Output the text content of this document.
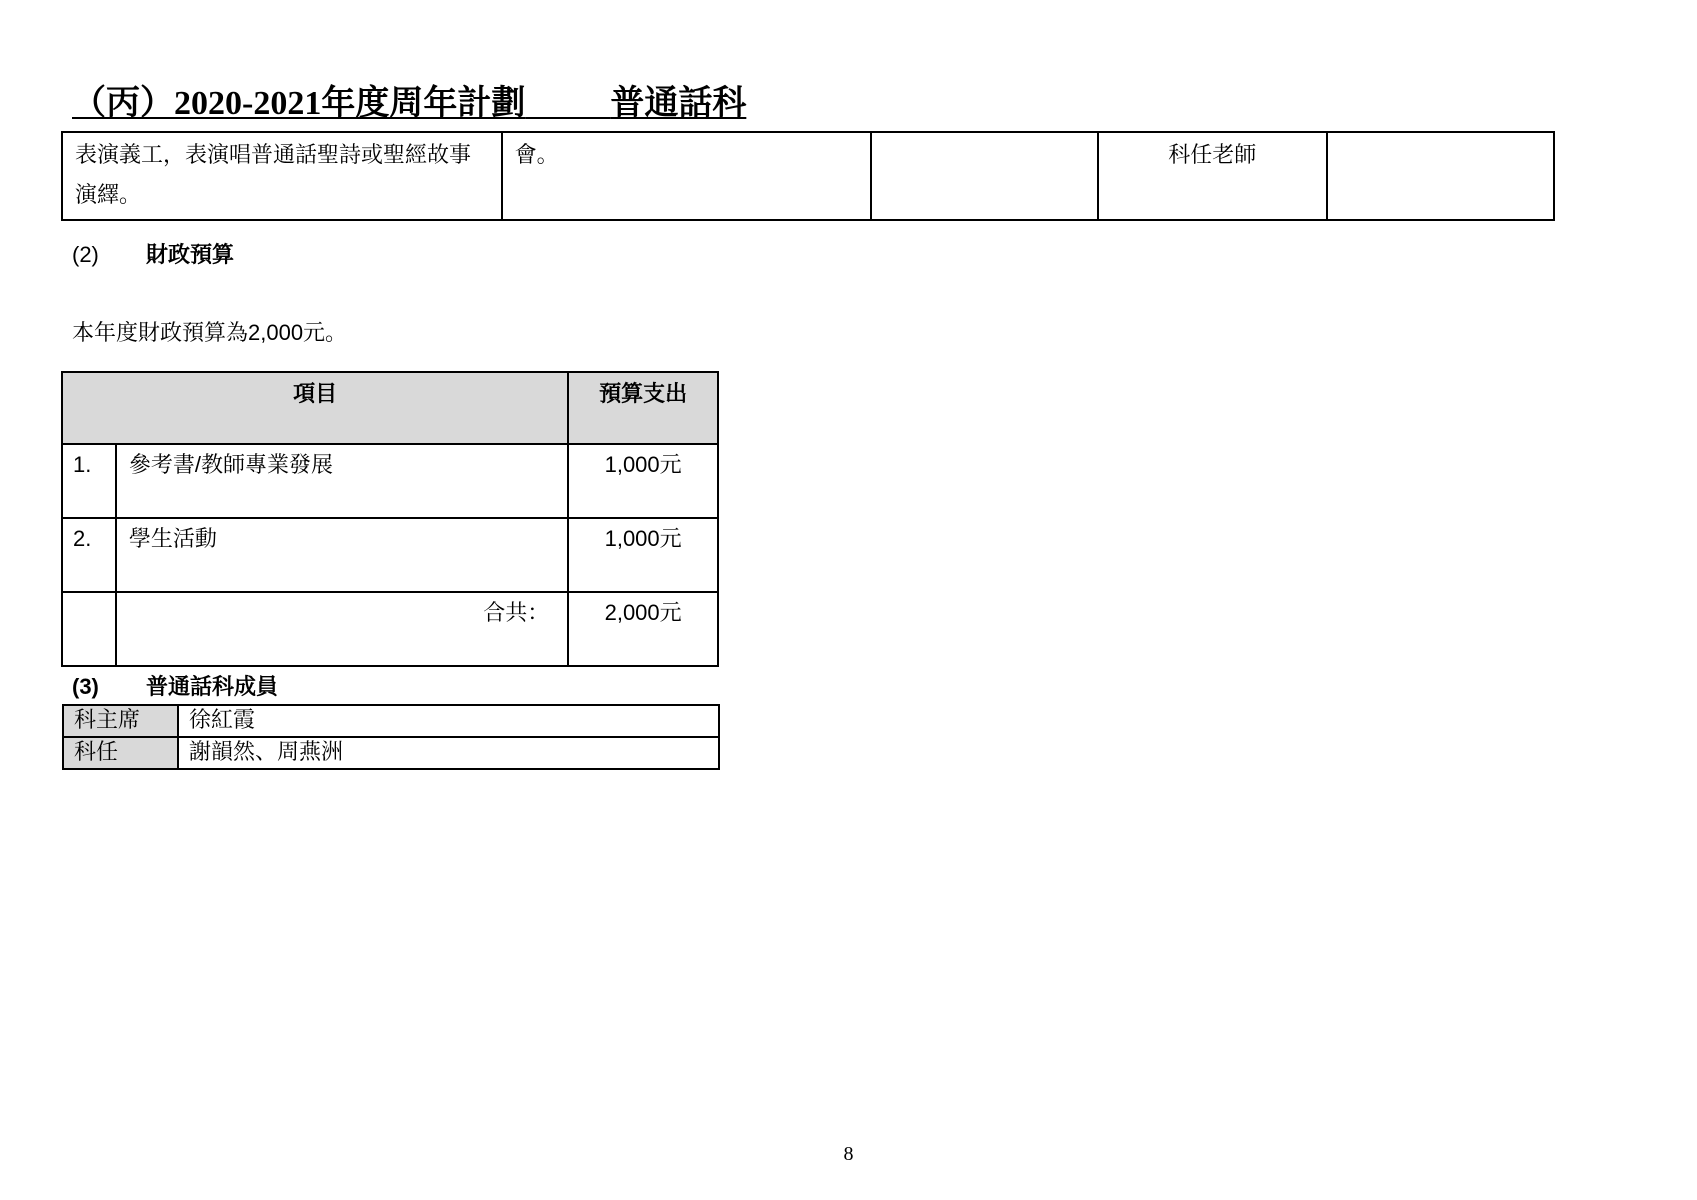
（丙）2020-2021年度周年計劃	普通話科
表演義工，表演唱普通話聖詩或聖經故事演繹。	會。		科任老師	
(2) 財政預算
本年度財政預算為2,000元。
項目		預算支出
1.	參考書/教師專業發展	1,000元
2.	學生活動	1,000元
	合共：	2,000元
(3) 普通話科成員
科主席	徐紅霞
科任	謝韻然、周燕洲
8
